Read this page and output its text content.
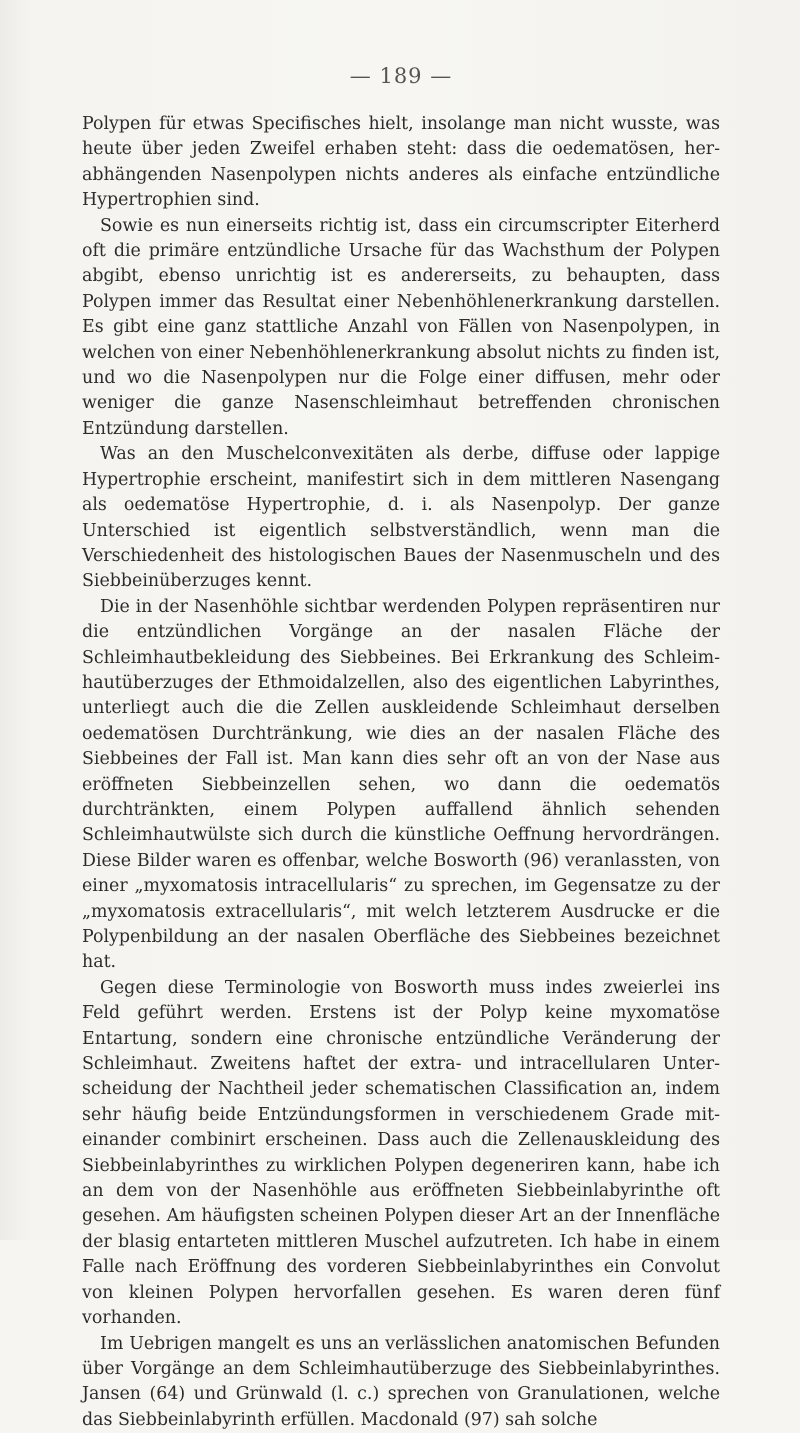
— 189 —

Polypen für etwas Specifisches hielt, insolange man nicht wusste, was heute über jeden Zweifel erhaben steht: dass die oedematösen, herabhängenden Nasenpolypen nichts anderes als einfache entzündliche Hypertrophien sind.

Sowie es nun einerseits richtig ist, dass ein circumscripter Eiterherd oft die primäre entzündliche Ursache für das Wachsthum der Polypen abgibt, ebenso unrichtig ist es andererseits, zu behaupten, dass Polypen immer das Resultat einer Nebenhöhlenerkrankung darstellen. Es gibt eine ganz stattliche Anzahl von Fällen von Nasenpolypen, in welchen von einer Nebenhöhlenerkrankung absolut nichts zu finden ist, und wo die Nasenpolypen nur die Folge einer diffusen, mehr oder weniger die ganze Nasenschleimhaut betreffenden chronischen Entzündung darstellen.

Was an den Muschelconvexitäten als derbe, diffuse oder lappige Hypertrophie erscheint, manifestirt sich in dem mittleren Nasengang als oedematöse Hypertrophie, d. i. als Nasenpolyp. Der ganze Unterschied ist eigentlich selbstverständlich, wenn man die Verschiedenheit des histologischen Baues der Nasenmuscheln und des Siebbeinüberzuges kennt.

Die in der Nasenhöhle sichtbar werdenden Polypen repräsentiren nur die entzündlichen Vorgänge an der nasalen Fläche der Schleimhautbekleidung des Siebbeines. Bei Erkrankung des Schleimhautüberzuges der Ethmoidalzellen, also des eigentlichen Labyrinthes, unterliegt auch die die Zellen auskleidende Schleimhaut derselben oedematösen Durchtränkung, wie dies an der nasalen Fläche des Siebbeines der Fall ist. Man kann dies sehr oft an von der Nase aus eröffneten Siebbeinzellen sehen, wo dann die oedematös durchtränkten, einem Polypen auffallend ähnlich sehenden Schleimhautwülste sich durch die künstliche Oeffnung hervordrängen. Diese Bilder waren es offenbar, welche Bosworth (96) veranlassten, von einer „myxomatosis intracellularis“ zu sprechen, im Gegensatze zu der „myxomatosis extracellularis“, mit welch letzterem Ausdrucke er die Polypenbildung an der nasalen Oberfläche des Siebbeines bezeichnet hat.

Gegen diese Terminologie von Bosworth muss indes zweierlei ins Feld geführt werden. Erstens ist der Polyp keine myxomatöse Entartung, sondern eine chronische entzündliche Veränderung der Schleimhaut. Zweitens haftet der extra- und intracellularen Unterscheidung der Nachtheil jeder schematischen Classification an, indem sehr häufig beide Entzündungsformen in verschiedenem Grade miteinander combinirt erscheinen. Dass auch die Zellenauskleidung des Siebbeinlabyrinthes zu wirklichen Polypen degeneriren kann, habe ich an dem von der Nasenhöhle aus eröffneten Siebbeinlabyrinthe oft gesehen. Am häufigsten scheinen Polypen dieser Art an der Innenfläche der blasig entarteten mittleren Muschel aufzutreten. Ich habe in einem Falle nach Eröffnung des vorderen Siebbeinlabyrinthes ein Convolut von kleinen Polypen hervorfallen gesehen. Es waren deren fünf vorhanden.

Im Uebrigen mangelt es uns an verlässlichen anatomischen Befunden über Vorgänge an dem Schleimhautüberzuge des Siebbeinlabyrinthes. Jansen (64) und Grünwald (l. c.) sprechen von Granulationen, welche das Siebbeinlabyrinth erfüllen. Macdonald (97) sah solche
